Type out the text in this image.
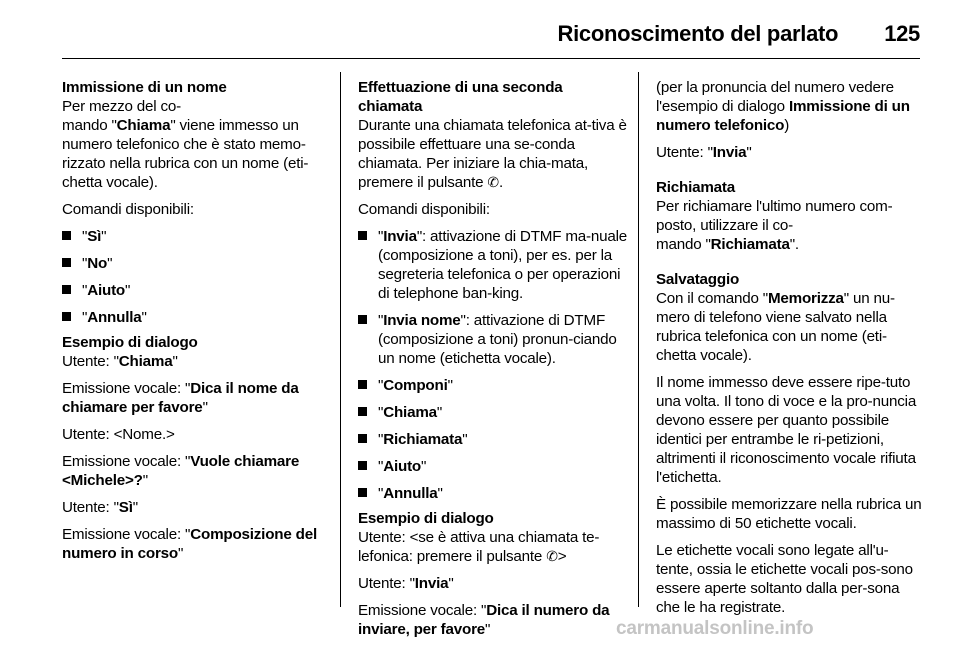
Riconoscimento del parlato 125
Immissione di un nome

Per mezzo del co-
mando "Chiama" viene immesso un numero telefonico che è stato memo-rizzato nella rubrica con un nome (eti-chetta vocale).

Comandi disponibili:

"Sì"
"No"
"Aiuto"
"Annulla"
Esempio di dialogo

Utente: "Chiama"

Emissione vocale: "Dica il nome da chiamare per favore"

Utente: <Nome.>

Emissione vocale: "Vuole chiamare <Michele>?"

Utente: "Sì"

Emissione vocale: "Composizione del numero in corso"

Effettuazione di una seconda chiamata

Durante una chiamata telefonica at-tiva è possibile effettuare una se-conda chiamata. Per iniziare la chia-mata, premere il pulsante ✆.

Comandi disponibili:

"Invia": attivazione di DTMF ma-nuale (composizione a toni), per es. per la segreteria telefonica o per operazioni di telephone ban-king.
"Invia nome": attivazione di DTMF (composizione a toni) pronun-ciando un nome (etichetta vocale).
"Componi"
"Chiama"
"Richiamata"
"Aiuto"
"Annulla"
Esempio di dialogo

Utente: <se è attiva una chiamata te-lefonica: premere il pulsante ✆>

Utente: "Invia"

Emissione vocale: "Dica il numero da inviare, per favore"

(per la pronuncia del numero vedere l'esempio di dialogo Immissione di un numero telefonico)

Utente: "Invia"

Richiamata

Per richiamare l'ultimo numero com-posto, utilizzare il co-
mando "Richiamata".

Salvataggio

Con il comando "Memorizza" un nu-mero di telefono viene salvato nella rubrica telefonica con un nome (eti-chetta vocale).

Il nome immesso deve essere ripe-tuto una volta. Il tono di voce e la pro-nuncia devono essere per quanto possibile identici per entrambe le ri-petizioni, altrimenti il riconoscimento vocale rifiuta l'etichetta.

È possibile memorizzare nella rubrica un massimo di 50 etichette vocali.

Le etichette vocali sono legate all'u-tente, ossia le etichette vocali pos-sono essere aperte soltanto dalla per-sona che le ha registrate.

carmanualsonline.info
